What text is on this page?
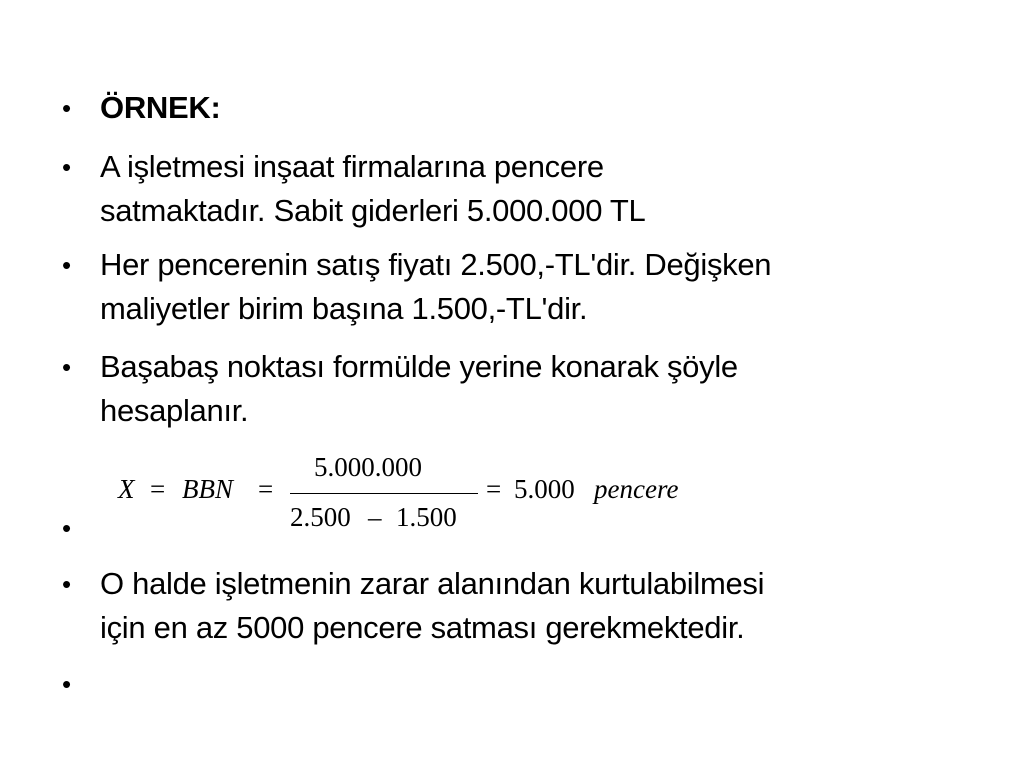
• ÖRNEK:
• A işletmesi inşaat firmalarına pencere
satmaktadır. Sabit giderleri 5.000.000 TL
• Her pencerenin satış fiyatı 2.500,-TL'dir. Değişken
maliyetler birim başına 1.500,-TL'dir.
• Başabaş noktası formülde yerine konarak şöyle
hesaplanır.
X = BBN =
5.000.000
2.500 – 1.500
= 5.000 pencere
•
• O halde işletmenin zarar alanından kurtulabilmesi
için en az 5000 pencere satması gerekmektedir.
•
